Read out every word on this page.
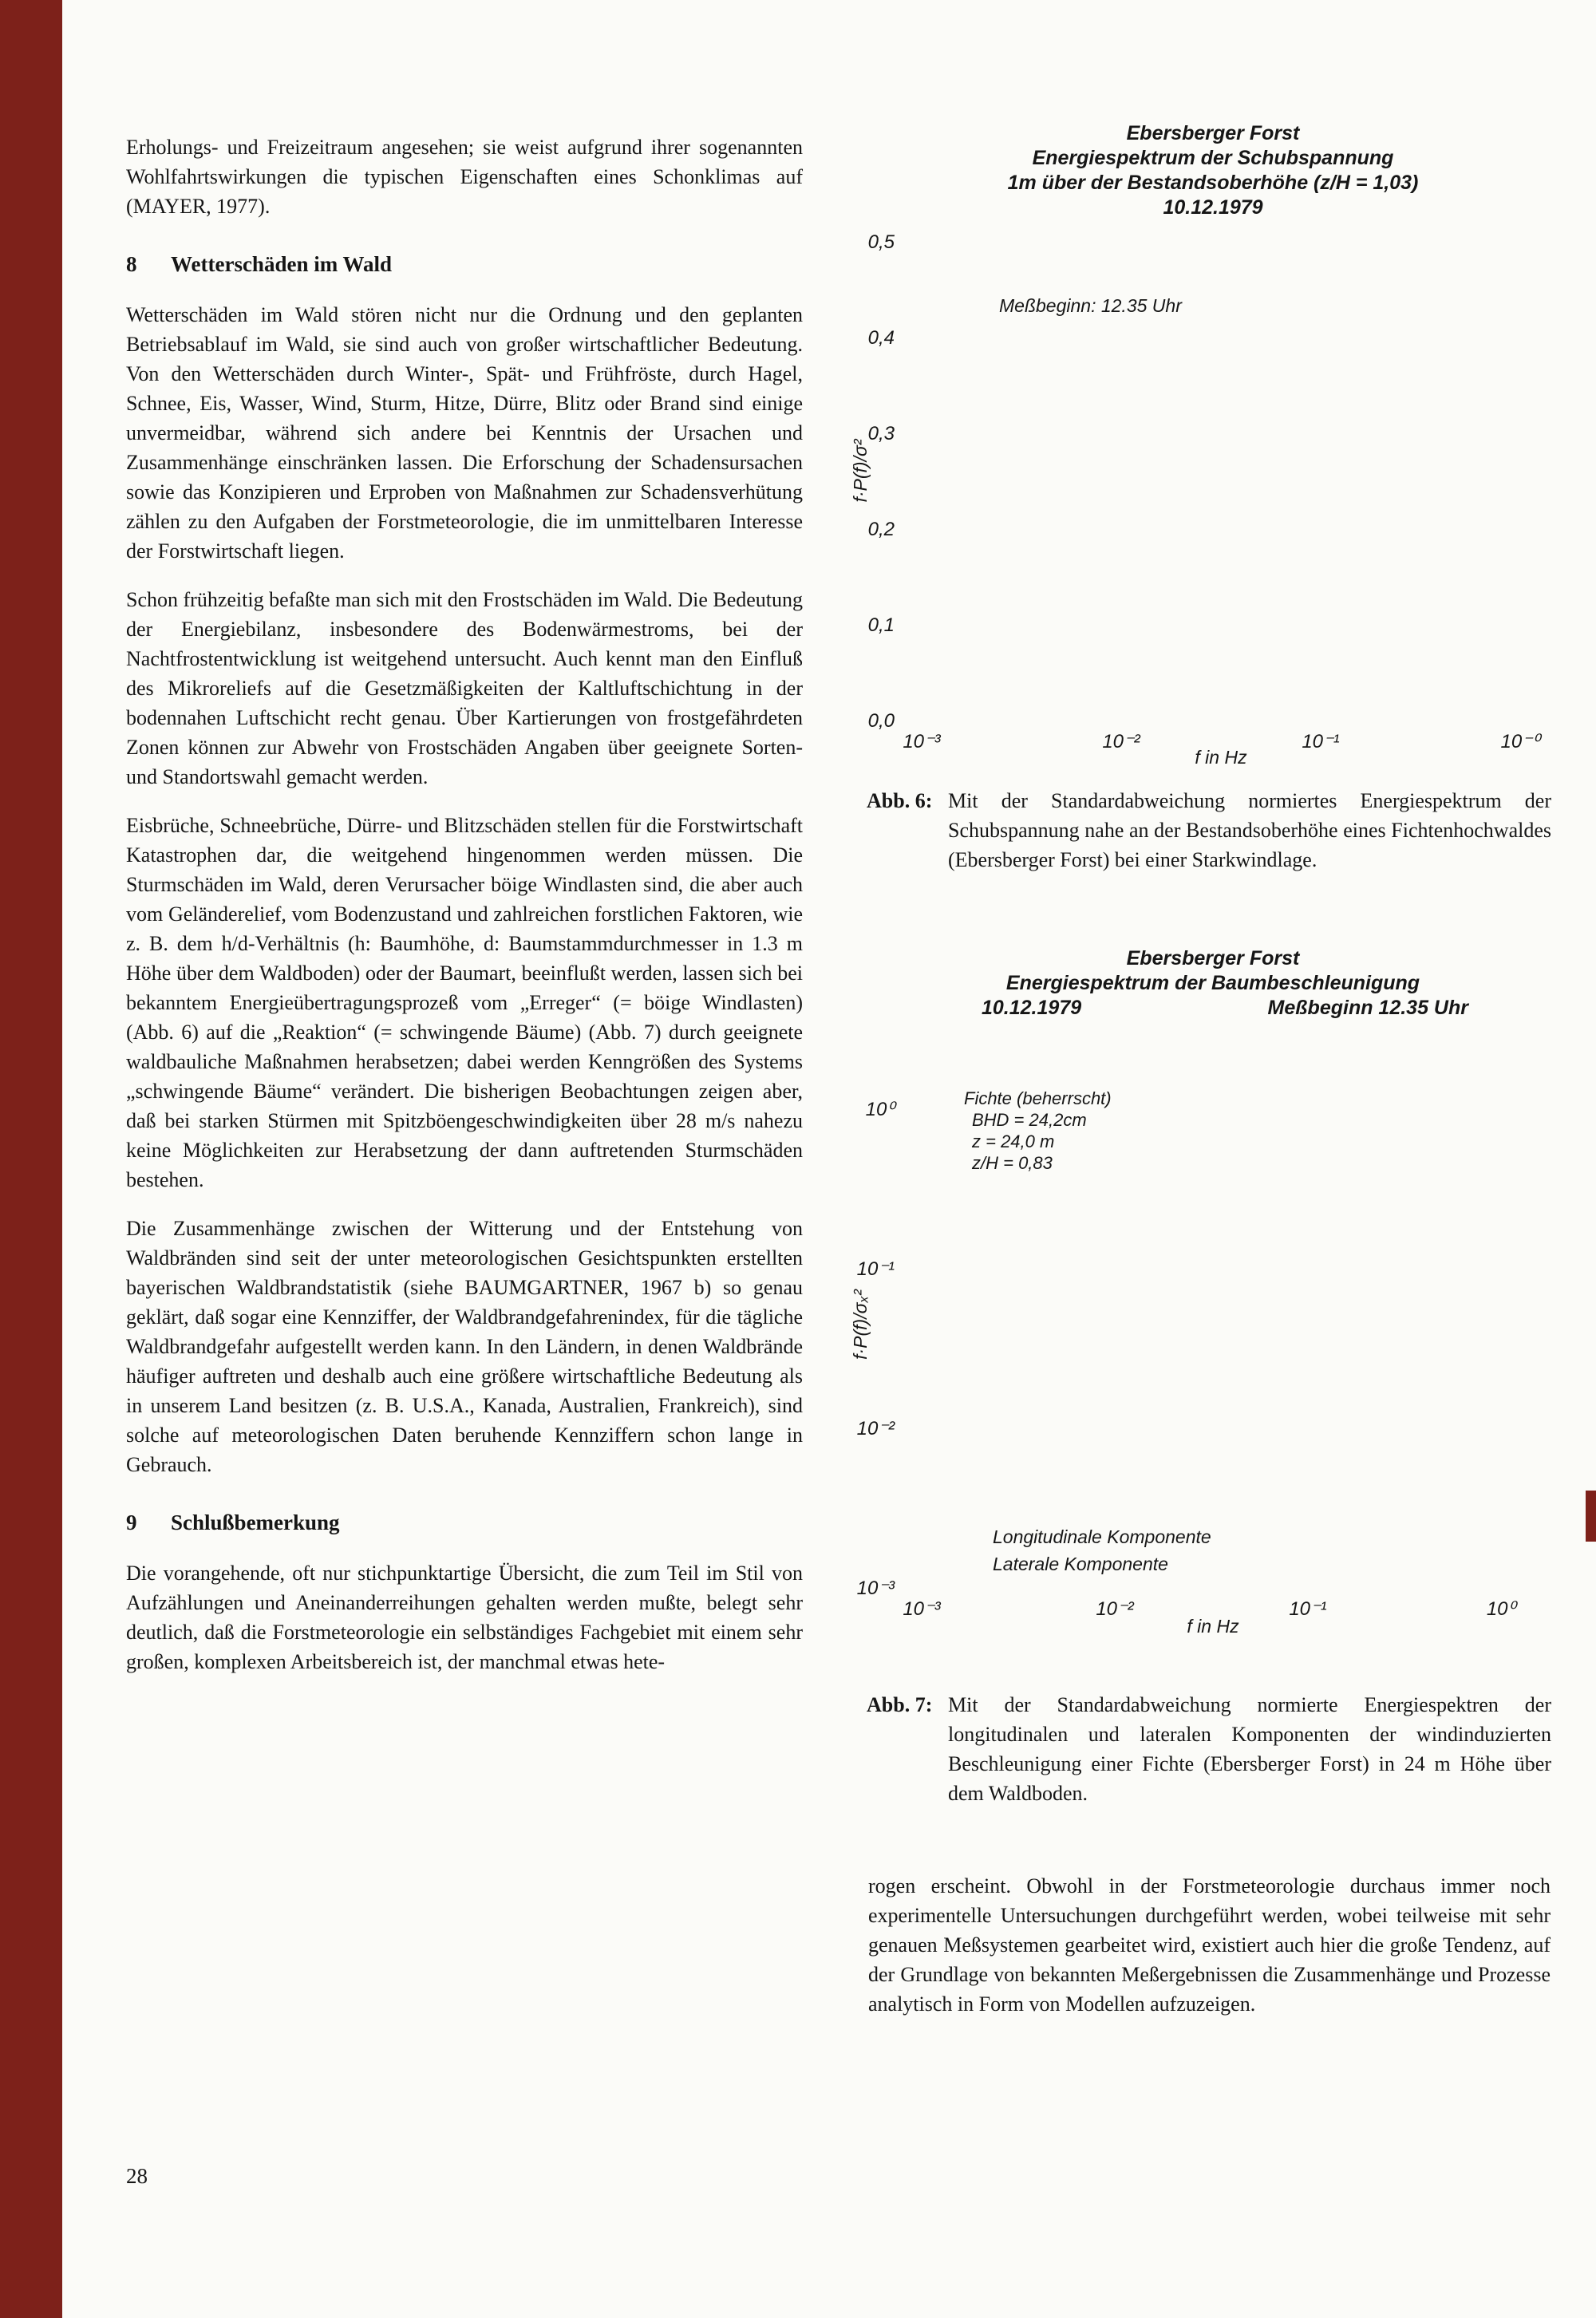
Erholungs- und Freizeitraum angesehen; sie weist aufgrund ihrer sogenannten Wohlfahrtswirkungen die typischen Eigenschaften eines Schonklimas auf (MAYER, 1977).

8 Wetterschäden im Wald

Wetterschäden im Wald stören nicht nur die Ordnung und den geplanten Betriebsablauf im Wald, sie sind auch von großer wirtschaftlicher Bedeutung. Von den Wetterschäden durch Winter-, Spät- und Frühfröste, durch Hagel, Schnee, Eis, Wasser, Wind, Sturm, Hitze, Dürre, Blitz oder Brand sind einige unvermeidbar, während sich andere bei Kenntnis der Ursachen und Zusammenhänge einschränken lassen. Die Erforschung der Schadensursachen sowie das Konzipieren und Erproben von Maßnahmen zur Schadensverhütung zählen zu den Aufgaben der Forstmeteorologie, die im unmittelbaren Interesse der Forstwirtschaft liegen.

Schon frühzeitig befaßte man sich mit den Frostschäden im Wald. Die Bedeutung der Energiebilanz, insbesondere des Bodenwärmestroms, bei der Nachtfrostentwicklung ist weitgehend untersucht. Auch kennt man den Einfluß des Mikroreliefs auf die Gesetzmäßigkeiten der Kaltluftschichtung in der bodennahen Luftschicht recht genau. Über Kartierungen von frostgefährdeten Zonen können zur Abwehr von Frostschäden Angaben über geeignete Sorten- und Standortswahl gemacht werden.

Eisbrüche, Schneebrüche, Dürre- und Blitzschäden stellen für die Forstwirtschaft Katastrophen dar, die weitgehend hingenommen werden müssen. Die Sturmschäden im Wald, deren Verursacher böige Windlasten sind, die aber auch vom Geländerelief, vom Bodenzustand und zahlreichen forstlichen Faktoren, wie z. B. dem h/d-Verhältnis (h: Baumhöhe, d: Baumstammdurchmesser in 1.3 m Höhe über dem Waldboden) oder der Baumart, beeinflußt werden, lassen sich bei bekanntem Energieübertragungsprozeß vom „Erreger“ (= böige Windlasten) (Abb. 6) auf die „Reaktion“ (= schwingende Bäume) (Abb. 7) durch geeignete waldbauliche Maßnahmen herabsetzen; dabei werden Kenngrößen des Systems „schwingende Bäume“ verändert. Die bisherigen Beobachtungen zeigen aber, daß bei starken Stürmen mit Spitzböengeschwindigkeiten über 28 m/s nahezu keine Möglichkeiten zur Herabsetzung der dann auftretenden Sturmschäden bestehen.

Die Zusammenhänge zwischen der Witterung und der Entstehung von Waldbränden sind seit der unter meteorologischen Gesichtspunkten erstellten bayerischen Waldbrandstatistik (siehe BAUMGARTNER, 1967 b) so genau geklärt, daß sogar eine Kennziffer, der Waldbrandgefahrenindex, für die tägliche Waldbrandgefahr aufgestellt werden kann. In den Ländern, in denen Waldbrände häufiger auftreten und deshalb auch eine größere wirtschaftliche Bedeutung als in unserem Land besitzen (z. B. U.S.A., Kanada, Australien, Frankreich), sind solche auf meteorologischen Daten beruhende Kennziffern schon lange in Gebrauch.

9 Schlußbemerkung

Die vorangehende, oft nur stichpunktartige Übersicht, die zum Teil im Stil von Aufzählungen und Aneinanderreihungen gehalten werden mußte, belegt sehr deutlich, daß die Forstmeteorologie ein selbständiges Fachgebiet mit einem sehr großen, komplexen Arbeitsbereich ist, der manchmal etwas hete-

28
Ebersberger Forst
Energiespektrum der Schubspannung
1m über der Bestandsoberhöhe (z/H = 1,03)
10.12.1979
0,0
0,1
0,2
0,3
0,4
0,5
10⁻³	10⁻²	10⁻¹	10⁻⁰
Meßbeginn: 12.35 Uhr
f·P(f)/σ²
f in Hz
Abb. 6: Mit der Standardabweichung normiertes Energiespektrum der Schubspannung nahe an der Bestandsoberhöhe eines Fichtenhochwaldes (Ebersberger Forst) bei einer Starkwindlage.
Ebersberger Forst
Energiespektrum der Baumbeschleunigung
10.12.1979	Meßbeginn 12.35 Uhr
10⁰
10⁻¹
10⁻²
10⁻³
10⁻³	10⁻²	10⁻¹	10⁰
Longitudinale Komponente
Laterale Komponente
f·P(f)/σₓ²
f in Hz
Fichte (beherrscht)
BHD = 24,2cm
z = 24,0 m
z/H = 0,83
Abb. 7: Mit der Standardabweichung normierte Energiespektren der longitudinalen und lateralen Komponenten der windinduzierten Beschleunigung einer Fichte (Ebersberger Forst) in 24 m Höhe über dem Waldboden.
rogen erscheint. Obwohl in der Forstmeteorologie durchaus immer noch experimentelle Untersuchungen durchgeführt werden, wobei teilweise mit sehr genauen Meßsystemen gearbeitet wird, existiert auch hier die große Tendenz, auf der Grundlage von bekannten Meßergebnissen die Zusammenhänge und Prozesse analytisch in Form von Modellen aufzuzeigen.
